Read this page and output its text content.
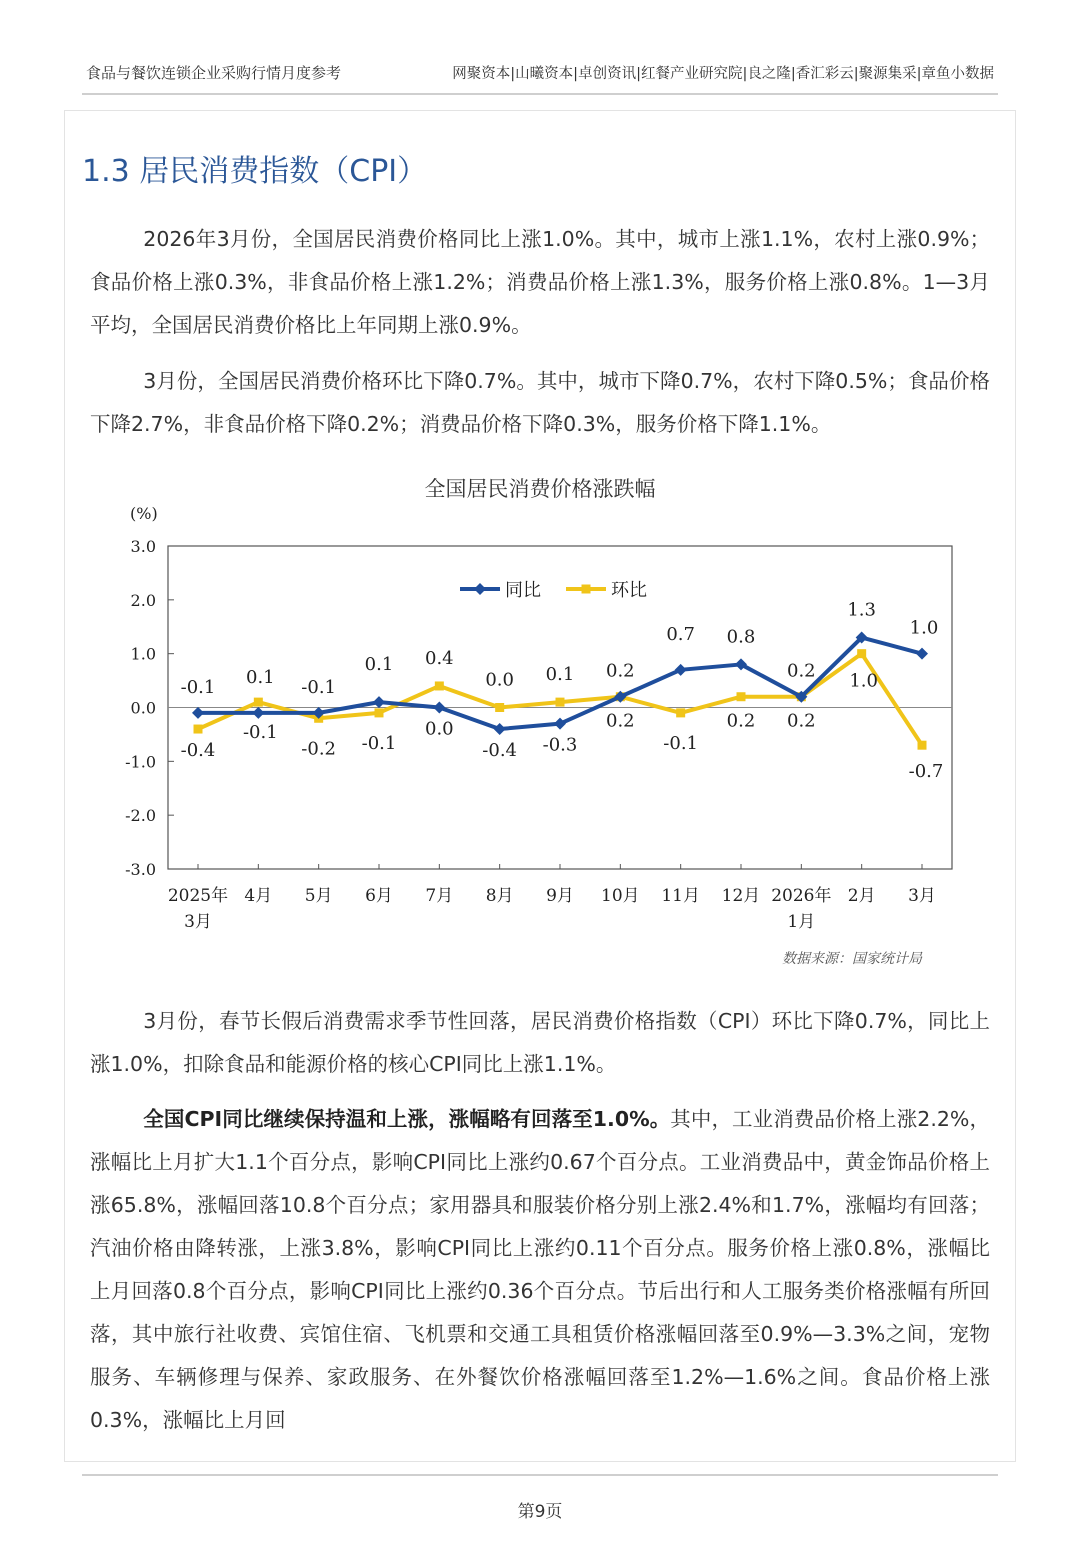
食品与餐饮连锁企业采购行情月度参考	网聚资本|山曦资本|卓创资讯|红餐产业研究院|良之隆|香汇彩云|聚源集采|章鱼小数据
1.3 居民消费指数（CPI）
2026年3月份，全国居民消费价格同比上涨1.0%。其中，城市上涨1.1%，农村上涨0.9%；食品价格上涨0.3%，非食品价格上涨1.2%；消费品价格上涨1.3%，服务价格上涨0.8%。1—3月平均，全国居民消费价格比上年同期上涨0.9%。
3月份，全国居民消费价格环比下降0.7%。其中，城市下降0.7%，农村下降0.5%；食品价格下降2.7%，非食品价格下降0.2%；消费品价格下降0.3%，服务价格下降1.1%。
全国居民消费价格涨跌幅
(%)
3.0
2.0
1.0
0.0
-1.0
-2.0
-3.0
2025年
3月
4月 5月 6月 7月 8月 9月 10月 11月 12月 2026年
1月
2月 3月
-0.4
-0.1
-0.2 -0.1
0.4
0.0 0.1
0.2
-0.1
0.2 0.2
1.0
-0.7
-0.1 0.1 -0.1
0.1
0.0
-0.4 -0.3
0.2
0.7 0.8
0.2
1.3
1.0
同比	环比
数据来源：国家统计局
3月份，春节长假后消费需求季节性回落，居民消费价格指数（CPI）环比下降0.7%，同比上涨1.0%，扣除食品和能源价格的核心CPI同比上涨1.1%。
全国CPI同比继续保持温和上涨，涨幅略有回落至1.0%。其中，工业消费品价格上涨2.2%，涨幅比上月扩大1.1个百分点，影响CPI同比上涨约0.67个百分点。工业消费品中，黄金饰品价格上涨65.8%，涨幅回落10.8个百分点；家用器具和服装价格分别上涨2.4%和1.7%，涨幅均有回落；汽油价格由降转涨，上涨3.8%，影响CPI同比上涨约0.11个百分点。服务价格上涨0.8%，涨幅比上月回落0.8个百分点，影响CPI同比上涨约0.36个百分点。节后出行和人工服务类价格涨幅有所回落，其中旅行社收费、宾馆住宿、飞机票和交通工具租赁价格涨幅回落至0.9%—3.3%之间，宠物服务、车辆修理与保养、家政服务、在外餐饮价格涨幅回落至1.2%—1.6%之间。食品价格上涨0.3%，涨幅比上月回
第9页
